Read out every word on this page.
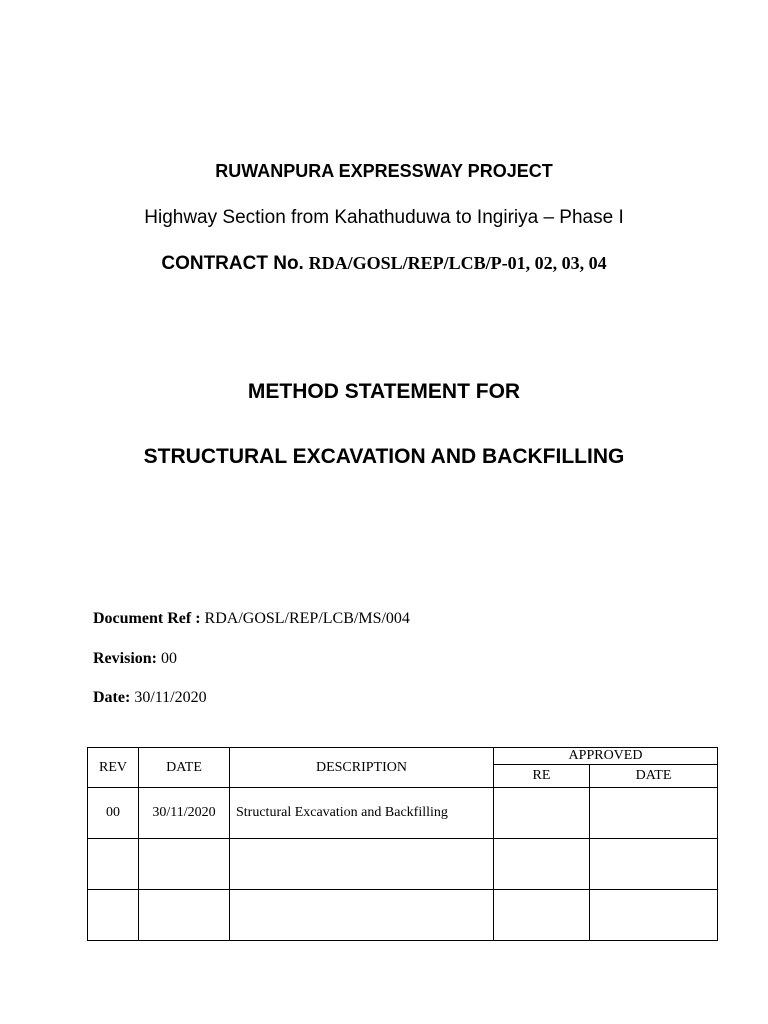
RUWANPURA EXPRESSWAY PROJECT
Highway Section from Kahathuduwa to Ingiriya – Phase I
CONTRACT No. RDA/GOSL/REP/LCB/P-01, 02, 03, 04
METHOD STATEMENT FOR
STRUCTURAL EXCAVATION AND BACKFILLING
Document Ref : RDA/GOSL/REP/LCB/MS/004
Revision: 00
Date: 30/11/2020
REV	DATE	DESCRIPTION	APPROVED	
			RE	DATE
00	30/11/2020	Structural Excavation and Backfilling		
